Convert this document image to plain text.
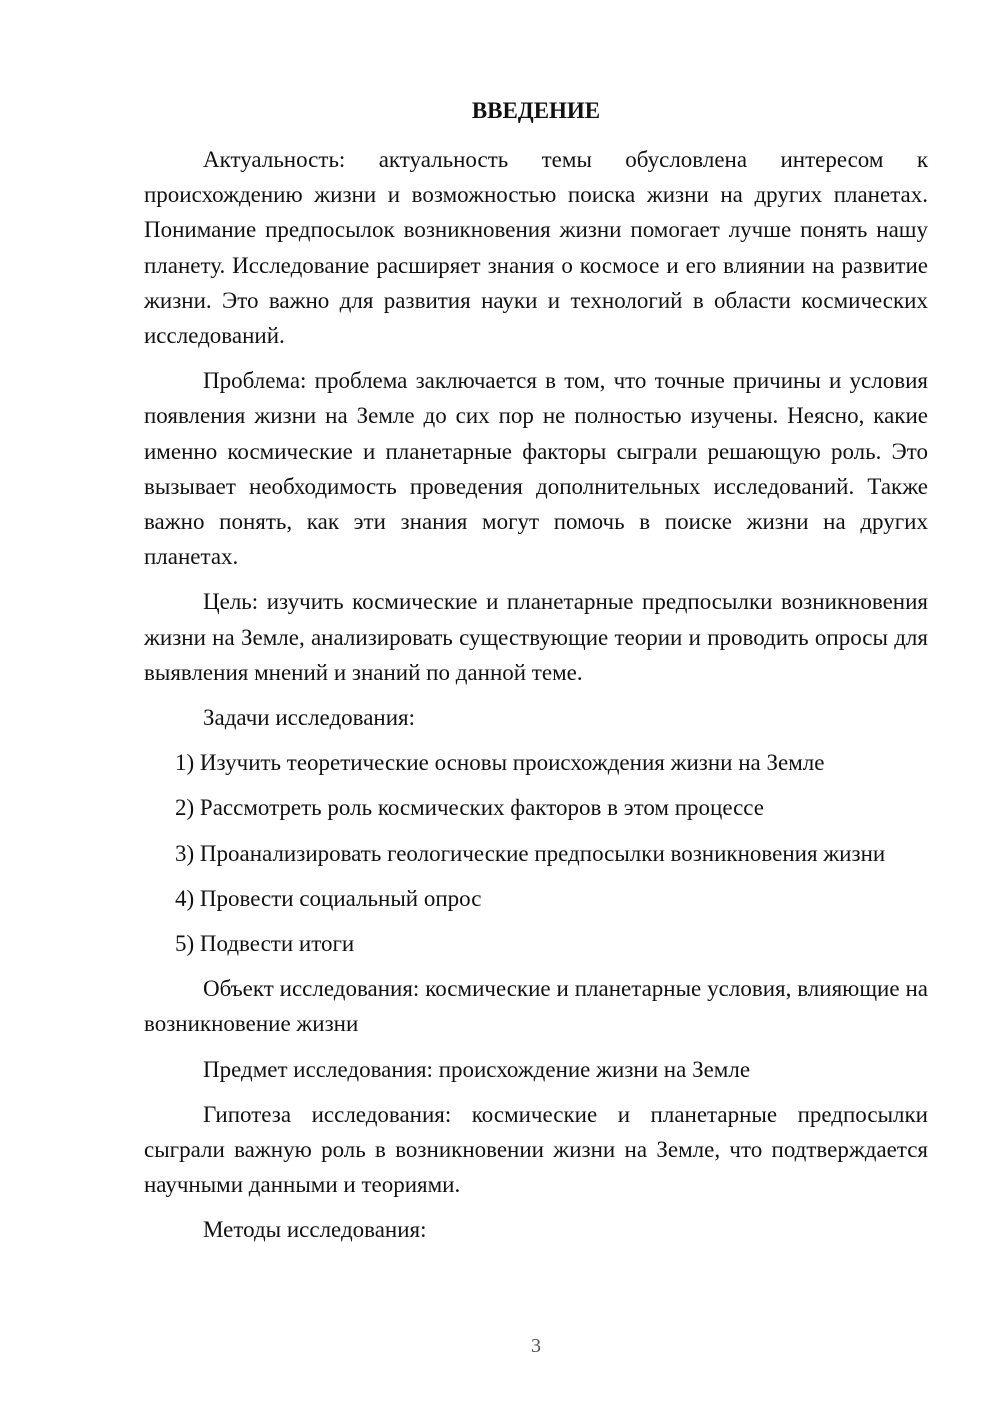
ВВЕДЕНИЕ

Актуальность: актуальность темы обусловлена интересом к происхождению жизни и возможностью поиска жизни на других планетах. Понимание предпосылок возникновения жизни помогает лучше понять нашу планету. Исследование расширяет знания о космосе и его влиянии на развитие жизни. Это важно для развития науки и технологий в области космических исследований.

Проблема: проблема заключается в том, что точные причины и условия появления жизни на Земле до сих пор не полностью изучены. Неясно, какие именно космические и планетарные факторы сыграли решающую роль. Это вызывает необходимость проведения дополнительных исследований. Также важно понять, как эти знания могут помочь в поиске жизни на других планетах.

Цель: изучить космические и планетарные предпосылки возникновения жизни на Земле, анализировать существующие теории и проводить опросы для выявления мнений и знаний по данной теме.

Задачи исследования:

1) Изучить теоретические основы происхождения жизни на Земле

2) Рассмотреть роль космических факторов в этом процессе

3) Проанализировать геологические предпосылки возникновения жизни

4) Провести социальный опрос

5) Подвести итоги

Объект исследования: космические и планетарные условия, влияющие на возникновение жизни

Предмет исследования: происхождение жизни на Земле

Гипотеза исследования: космические и планетарные предпосылки сыграли важную роль в возникновении жизни на Земле, что подтверждается научными данными и теориями.

Методы исследования:

3
